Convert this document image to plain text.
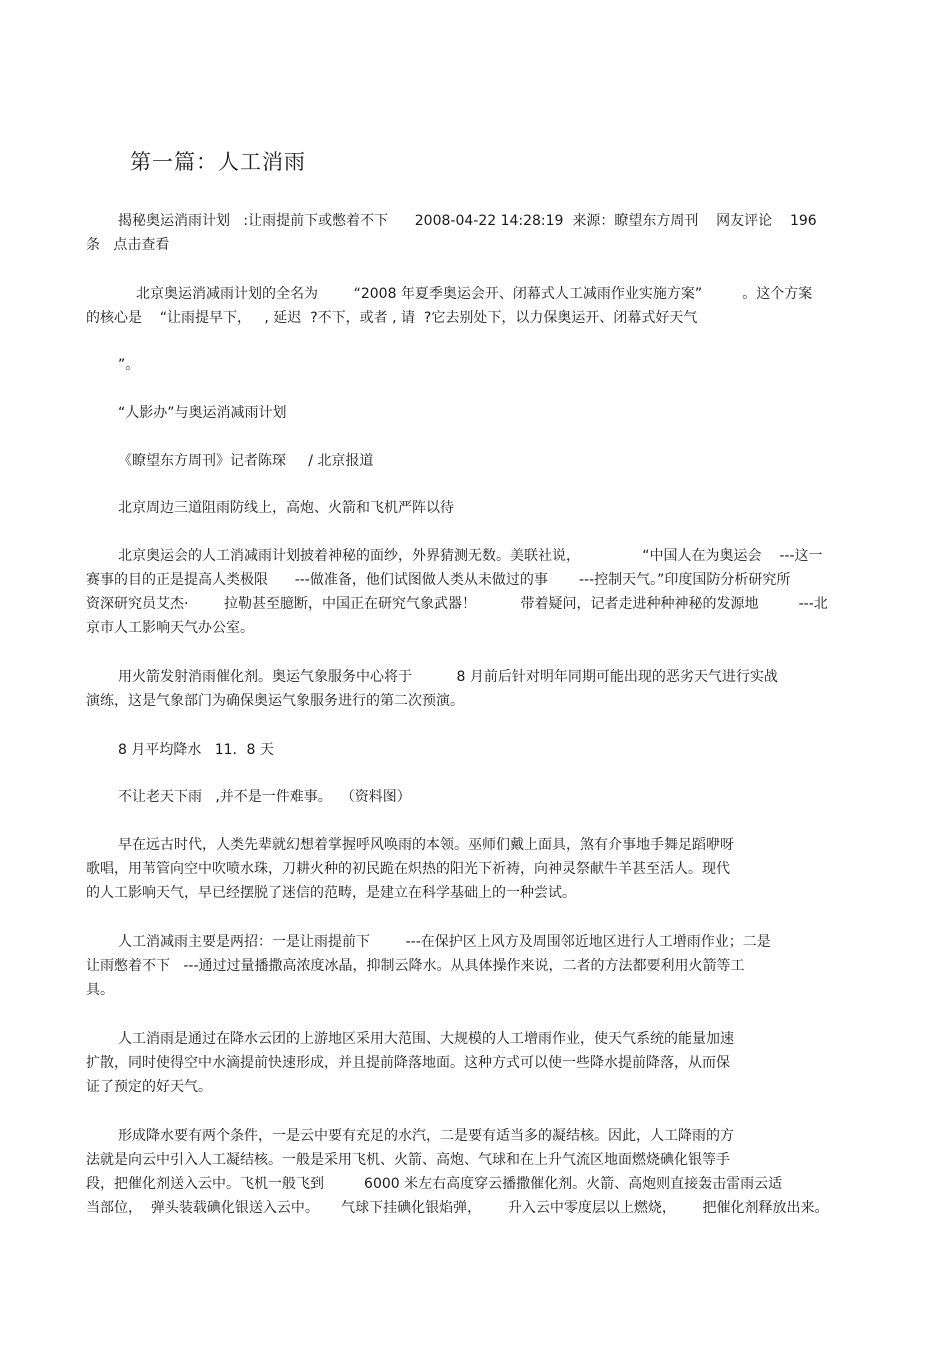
第一篇：人工消雨

揭秘奥运消雨计划   :让雨提前下或憋着不下      2008-04-22 14:28:19  来源：瞭望东方周刊    网友评论    196

条   点击查看

北京奥运消减雨计划的全名为        “2008 年夏季奥运会开、闭幕式人工减雨作业实施方案”         。这个方案

的核心是    “让雨提早下，   , 延迟  ?不下，或者 , 请  ?它去别处下，以力保奥运开、闭幕式好天气

”。

“人影办”与奥运消减雨计划

《瞭望东方周刊》记者陈琛     / 北京报道

北京周边三道阻雨防线上，高炮、火箭和飞机严阵以待

北京奥运会的人工消减雨计划披着神秘的面纱，外界猜测无数。美联社说，              “中国人在为奥运会    ---这一

赛事的目的正是提高人类极限      ---做准备，他们试图做人类从未做过的事       ---控制天气。”印度国防分析研究所

资深研究员艾杰·        拉勒甚至臆断，中国正在研究气象武器！          带着疑问，记者走进种种神秘的发源地         ---北

京市人工影响天气办公室。

用火箭发射消雨催化剂。奥运气象服务中心将于          8 月前后针对明年同期可能出现的恶劣天气进行实战

演练，这是气象部门为确保奥运气象服务进行的第二次预演。

8 月平均降水   11．8 天

不让老天下雨   ,并不是一件难事。  （资料图）

早在远古时代，人类先辈就幻想着掌握呼风唤雨的本领。巫师们戴上面具，煞有介事地手舞足蹈咿呀

歌唱，用苇管向空中吹喷水珠，刀耕火种的初民跪在炽热的阳光下祈祷，向神灵祭献牛羊甚至活人。现代

的人工影响天气，早已经摆脱了迷信的范畴，是建立在科学基础上的一种尝试。

人工消减雨主要是两招：一是让雨提前下        ---在保护区上风方及周围邻近地区进行人工增雨作业；二是

让雨憋着不下   ---通过过量播撒高浓度冰晶，抑制云降水。从具体操作来说，二者的方法都要利用火箭等工

具。

人工消雨是通过在降水云团的上游地区采用大范围、大规模的人工增雨作业，使天气系统的能量加速

扩散，同时使得空中水滴提前快速形成，并且提前降落地面。这种方式可以使一些降水提前降落，从而保

证了预定的好天气。

形成降水要有两个条件，一是云中要有充足的水汽，二是要有适当多的凝结核。因此，人工降雨的方

法就是向云中引入人工凝结核。一般是采用飞机、火箭、高炮、气球和在上升气流区地面燃烧碘化银等手

段，把催化剂送入云中。飞机一般飞到         6000 米左右高度穿云播撒催化剂。火箭、高炮则直接轰击雷雨云适

当部位，  弹头装载碘化银送入云中。     气球下挂碘化银焰弹，      升入云中零度层以上燃烧，      把催化剂释放出来。
